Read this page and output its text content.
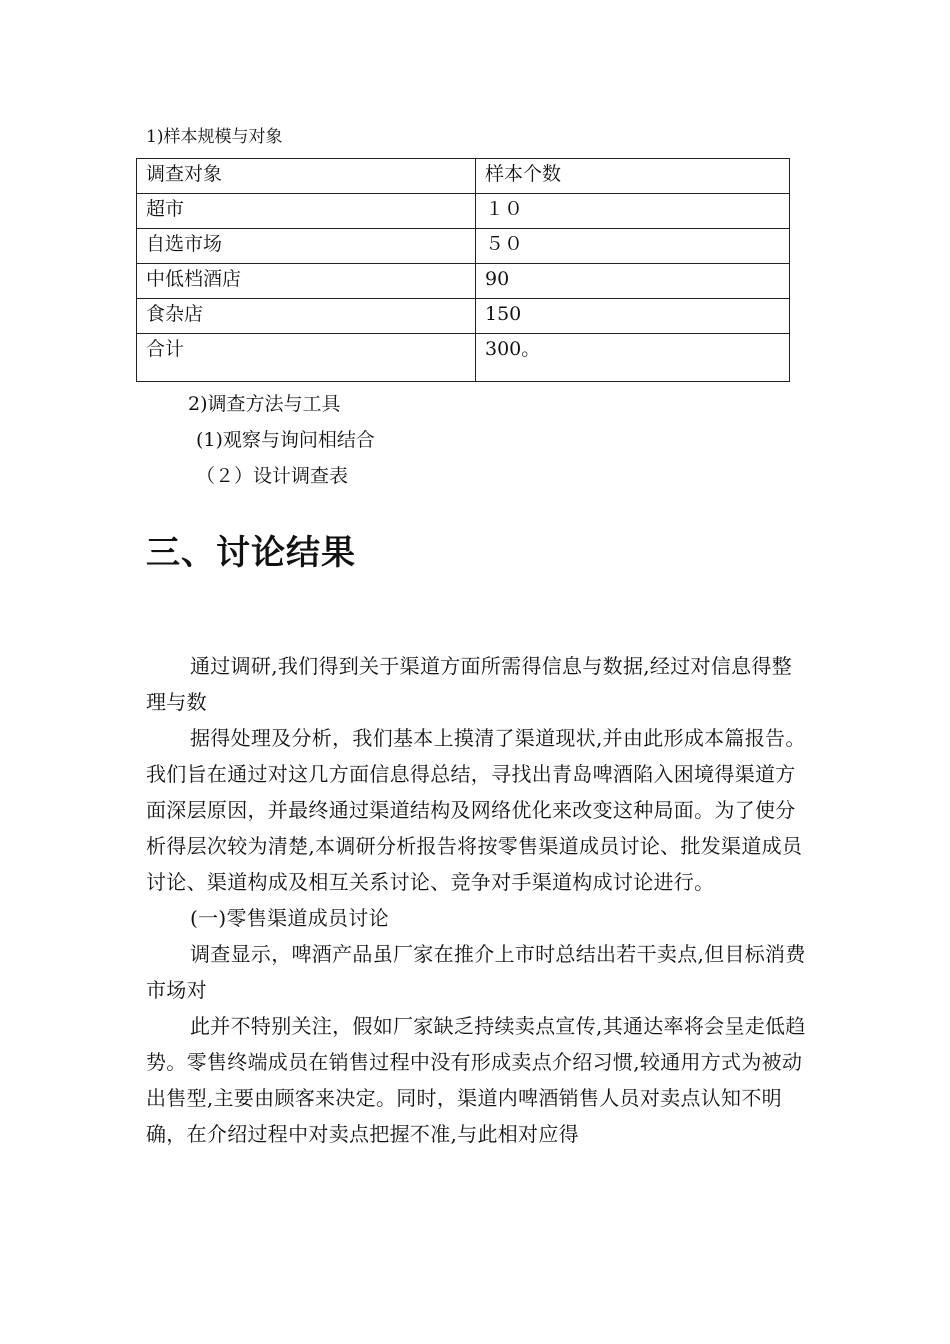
1)样本规模与对象
调查对象	样本个数
超市	１０
自选市场	５０
中低档酒店	90
食杂店	150
合计	300。
2)调查方法与工具
(1)观察与询问相结合
（２）设计调查表
三、讨论结果

通过调研,我们得到关于渠道方面所需得信息与数据,经过对信息得整理与数

据得处理及分析，我们基本上摸清了渠道现状,并由此形成本篇报告。我们旨在通过对这几方面信息得总结，寻找出青岛啤酒陷入困境得渠道方面深层原因，并最终通过渠道结构及网络优化来改变这种局面。为了使分析得层次较为清楚,本调研分析报告将按零售渠道成员讨论、批发渠道成员讨论、渠道构成及相互关系讨论、竞争对手渠道构成讨论进行。

(一)零售渠道成员讨论

调查显示，啤酒产品虽厂家在推介上市时总结出若干卖点,但目标消费市场对

此并不特别关注，假如厂家缺乏持续卖点宣传,其通达率将会呈走低趋势。零售终端成员在销售过程中没有形成卖点介绍习惯,较通用方式为被动出售型,主要由顾客来决定。同时，渠道内啤酒销售人员对卖点认知不明确，在介绍过程中对卖点把握不准,与此相对应得
